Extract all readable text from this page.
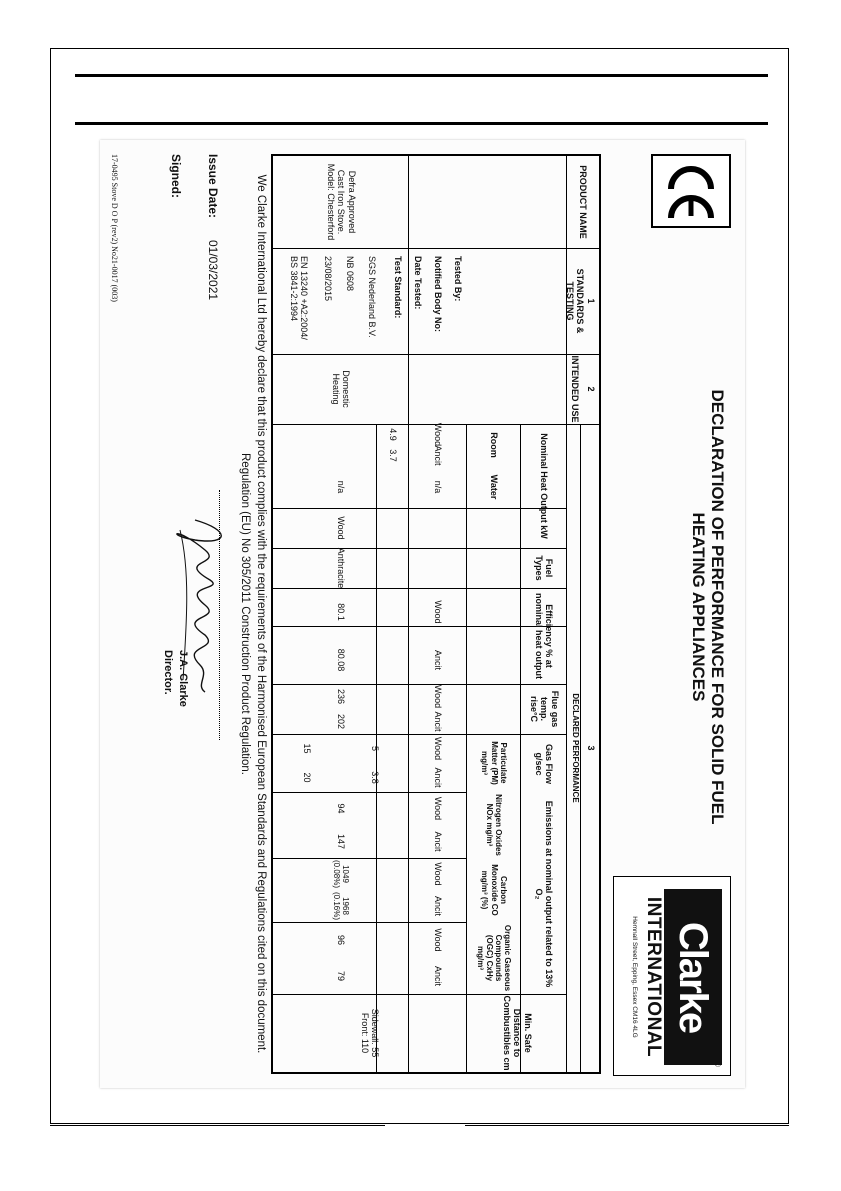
DECLARATION OF PERFORMANCE FOR SOLID FUEL HEATING APPLIANCES
Clarke
®
INTERNATIONAL
Hemnall Street, Epping, Essex CM16 4LG
PRODUCT NAME
1
STANDARDS & TESTING
2
INTENDED USE
3
DECLARED PERFORMANCE
Nominal Heat Output kW
Fuel Types
Efficiency % at nominal heat output
Flue gas temp. rise°C
Gas Flow g/sec
Emissions at nominal output related to 13% O₂
Min. Safe Distance to Combustibles cm
Room
Water
Particulate Matter (PM) mg/m³
Nitrogen Oxides NOx mg/m³
Carbon Monoxide CO mg/m³ (%)
Organic Gaseous Compounds (OGC) CxHy mg/m³
Defra Approved
Cast Iron Stove.
Model: Chesterford
Tested By:
Notified Body No:
Date Tested:
Test Standard:
SGS Nederland B.V.
NB 0608
23/08/2015
EN 13240 +A2:2004/ BS 3841-2:1994
Domestic Heating
Wood
Ancit
n/a
Wood
Ancit
Wood
Ancit
Wood
Ancit
Wood
Ancit
Wood
Ancit
Wood
Ancit
4.9
3.7
n/a
Wood
Anthracite
80.1
80.08
236
202
5
3.8
15
20
94
147
1049 (0.08%)
1968 (0.16%)
96
79
Sidewall: 55
Front: 110
We Clarke International Ltd hereby declare that this product complies with the requirements of the Harmonised European Standards and Regulations cited on this document. Regulation (EU) No 305/2011 Construction Product Regulation.
Issue Date:
01/03/2021
Signed:
J.A. Clarke
Director.
17-0495 Stove D O P (rev2) No21-0017 (003)
